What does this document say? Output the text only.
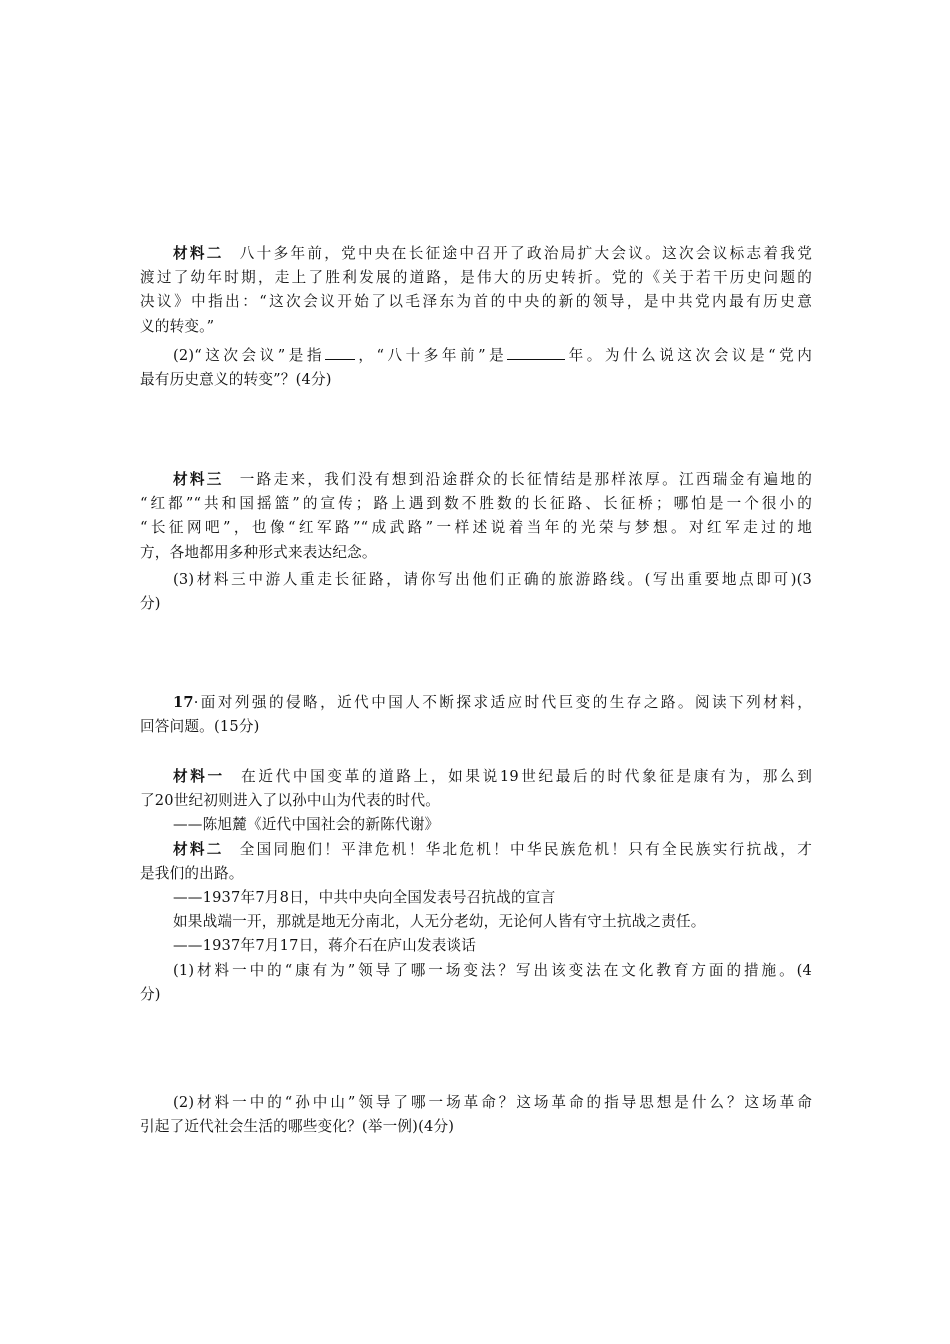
材料二 八十多年前，党中央在长征途中召开了政治局扩大会议。这次会议标志着我党
渡过了幼年时期，走上了胜利发展的道路，是伟大的历史转折。党的《关于若干历史问题的
决议》中指出：“这次会议开始了以毛泽东为首的中央的新的领导，是中共党内最有历史意
义的转变。”
(2)“这次会议”是指 ，“八十多年前”是	年。为什么说这次会议是“党内
最有历史意义的转变”？(4分)
材料三 一路走来，我们没有想到沿途群众的长征情结是那样浓厚。江西瑞金有遍地的
“红都”“共和国摇篮”的宣传；路上遇到数不胜数的长征路、长征桥；哪怕是一个很小的
“长征网吧”，也像“红军路”“成武路”一样述说着当年的光荣与梦想。对红军走过的地
方，各地都用多种形式来表达纪念。
(3)材料三中游人重走长征路，请你写出他们正确的旅游路线。(写出重要地点即可)(3
分)
17·面对列强的侵略，近代中国人不断探求适应时代巨变的生存之路。阅读下列材料，
回答问题。(15分)
材料一 在近代中国变革的道路上，如果说19世纪最后的时代象征是康有为，那么到
了20世纪初则进入了以孙中山为代表的时代。
——陈旭麓《近代中国社会的新陈代谢》
材料二 全国同胞们！平津危机！华北危机！中华民族危机！只有全民族实行抗战，才
是我们的出路。
——1937年7月8日，中共中央向全国发表号召抗战的宣言
如果战端一开，那就是地无分南北，人无分老幼，无论何人皆有守土抗战之责任。
——1937年7月17日，蒋介石在庐山发表谈话
(1)材料一中的“康有为”领导了哪一场变法？写出该变法在文化教育方面的措施。(4
分)
(2)材料一中的“孙中山”领导了哪一场革命？这场革命的指导思想是什么？这场革命
引起了近代社会生活的哪些变化？(举一例)(4分)
